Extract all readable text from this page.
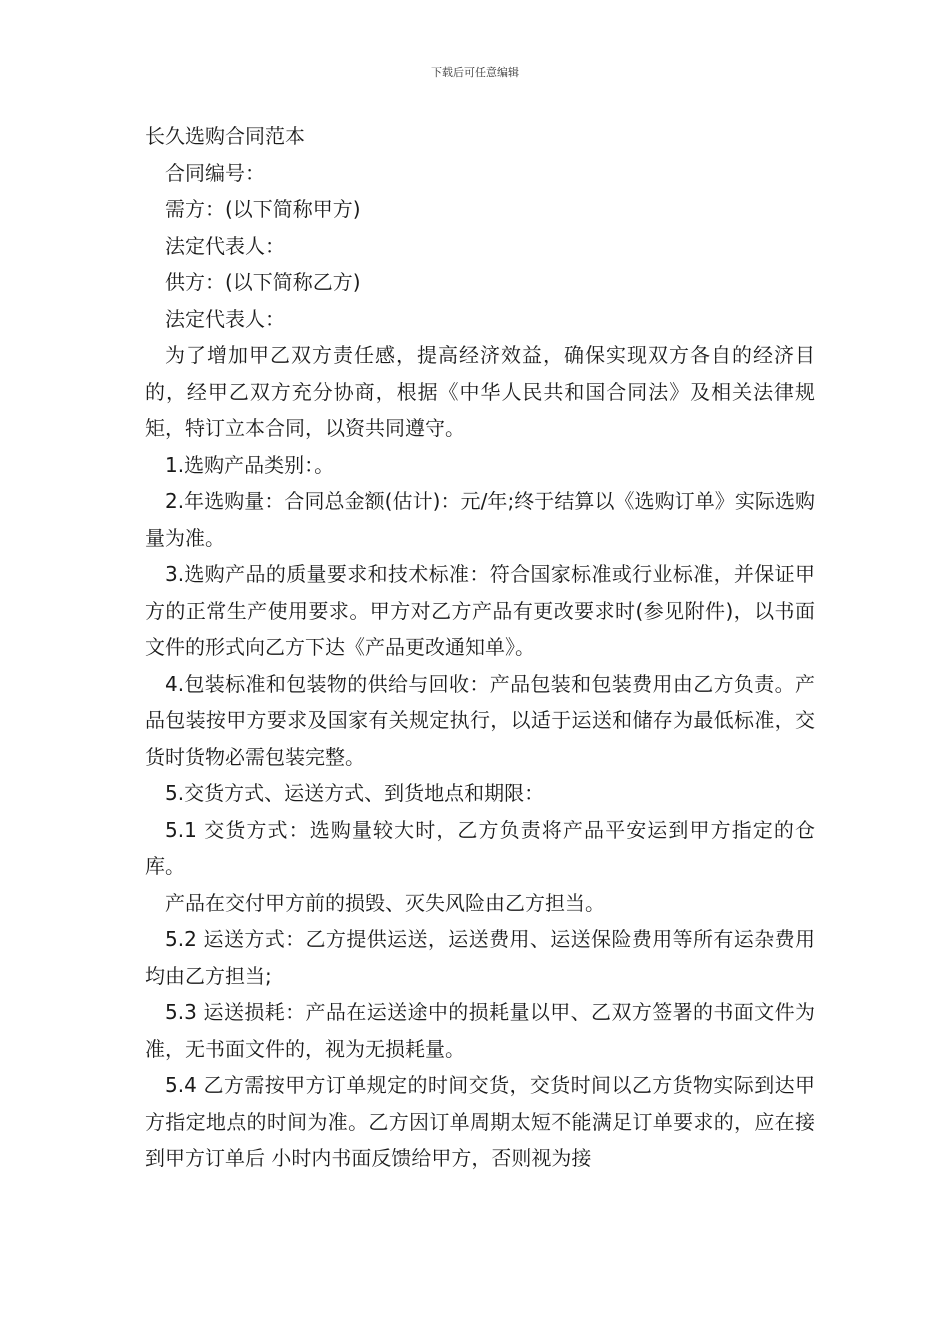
下载后可任意编辑

长久选购合同范本

合同编号：

需方：(以下简称甲方)

法定代表人：

供方：(以下简称乙方)

法定代表人：

为了增加甲乙双方责任感，提高经济效益，确保实现双方各自的经济目的，经甲乙双方充分协商，根据《中华人民共和国合同法》及相关法律规矩，特订立本合同，以资共同遵守。

1.选购产品类别：。

2.年选购量：合同总金额(估计)：元/年;终于结算以《选购订单》实际选购量为准。

3.选购产品的质量要求和技术标准：符合国家标准或行业标准，并保证甲方的正常生产使用要求。甲方对乙方产品有更改要求时(参见附件)，以书面文件的形式向乙方下达《产品更改通知单》。

4.包装标准和包装物的供给与回收：产品包装和包装费用由乙方负责。产品包装按甲方要求及国家有关规定执行，以适于运送和储存为最低标准，交货时货物必需包装完整。

5.交货方式、运送方式、到货地点和期限：

5.1 交货方式：选购量较大时，乙方负责将产品平安运到甲方指定的仓库。

产品在交付甲方前的损毁、灭失风险由乙方担当。

5.2 运送方式：乙方提供运送，运送费用、运送保险费用等所有运杂费用均由乙方担当;

5.3 运送损耗：产品在运送途中的损耗量以甲、乙双方签署的书面文件为准，无书面文件的，视为无损耗量。

5.4 乙方需按甲方订单规定的时间交货，交货时间以乙方货物实际到达甲方指定地点的时间为准。乙方因订单周期太短不能满足订单要求的，应在接到甲方订单后 小时内书面反馈给甲方，否则视为接
